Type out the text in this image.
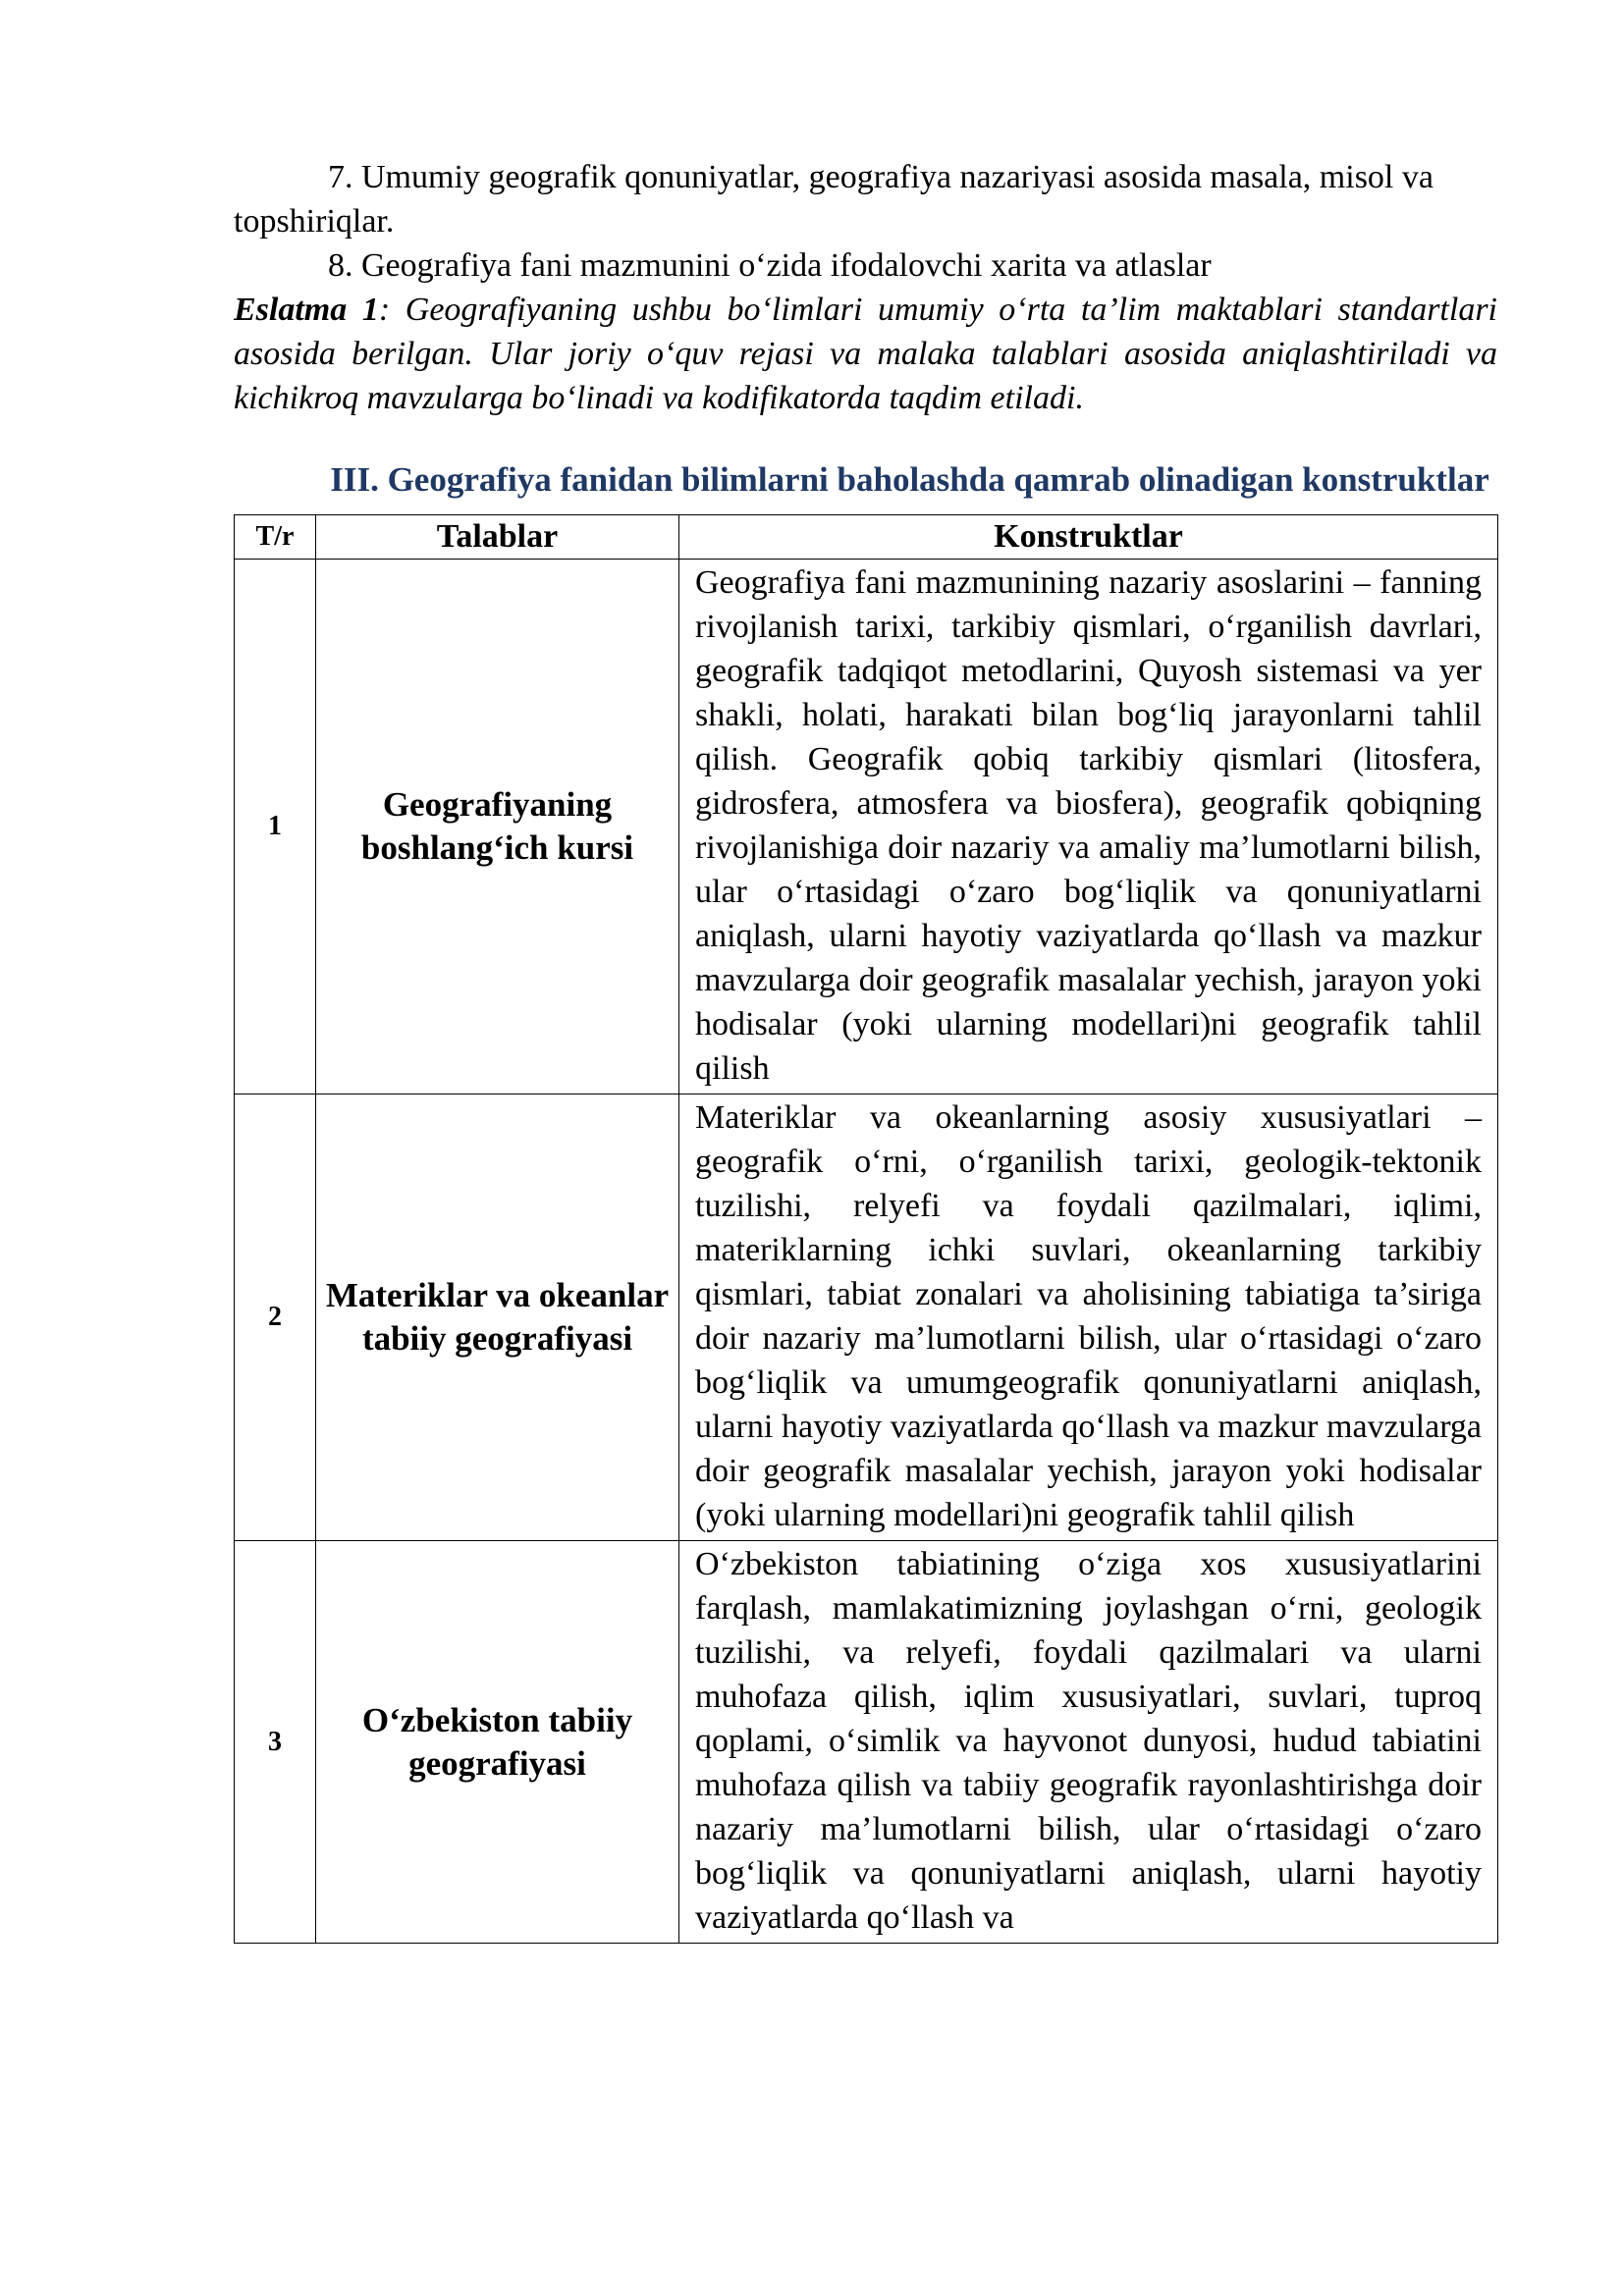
7. Umumiy geografik qonuniyatlar, geografiya nazariyasi asosida masala, misol va topshiriqlar.

8. Geografiya fani mazmunini o‘zida ifodalovchi xarita va atlaslar

Eslatma 1: Geografiyaning ushbu bo‘limlari umumiy o‘rta ta’lim maktablari standartlari asosida berilgan. Ular joriy o‘quv rejasi va malaka talablari asosida aniqlashtiriladi va kichikroq mavzularga bo‘linadi va kodifikatorda taqdim etiladi.

III. Geografiya fanidan bilimlarni baholashda qamrab olinadigan konstruktlar
T/r	Talablar	Konstruktlar
1	Geografiyaning boshlang‘ich kursi	Geografiya fani mazmunining nazariy asoslarini – fanning rivojlanish tarixi, tarkibiy qismlari, o‘rganilish davrlari, geografik tadqiqot metodlarini, Quyosh sistemasi va yer shakli, holati, harakati bilan bog‘liq jarayonlarni tahlil qilish. Geografik qobiq tarkibiy qismlari (litosfera, gidrosfera, atmosfera va biosfera), geografik qobiqning rivojlanishiga doir nazariy va amaliy ma’lumotlarni bilish, ular o‘rtasidagi o‘zaro bog‘liqlik va qonuniyatlarni aniqlash, ularni hayotiy vaziyatlarda qo‘llash va mazkur mavzularga doir geografik masalalar yechish, jarayon yoki hodisalar (yoki ularning modellari)ni geografik tahlil qilish

2	Materiklar va okeanlar tabiiy geografiyasi	Materiklar va okeanlarning asosiy xususiyatlari – geografik o‘rni, o‘rganilish tarixi, geologik-tektonik tuzilishi, relyefi va foydali qazilmalari, iqlimi, materiklarning ichki suvlari, okeanlarning tarkibiy qismlari, tabiat zonalari va aholisining tabiatiga ta’siriga doir nazariy ma’lumotlarni bilish, ular o‘rtasidagi o‘zaro bog‘liqlik va umumgeografik qonuniyatlarni aniqlash, ularni hayotiy vaziyatlarda qo‘llash va mazkur mavzularga doir geografik masalalar yechish, jarayon yoki hodisalar (yoki ularning modellari)ni geografik tahlil qilish

3	O‘zbekiston tabiiy geografiyasi	O‘zbekiston tabiatining o‘ziga xos xususiyatlarini farqlash, mamlakatimizning joylashgan o‘rni, geologik tuzilishi, va relyefi, foydali qazilmalari va ularni muhofaza qilish, iqlim xususiyatlari, suvlari, tuproq qoplami, o‘simlik va hayvonot dunyosi, hudud tabiatini muhofaza qilish va tabiiy geografik rayonlashtirishga doir nazariy ma’lumotlarni bilish, ular o‘rtasidagi o‘zaro bog‘liqlik va qonuniyatlarni aniqlash, ularni hayotiy vaziyatlarda qo‘llash va
